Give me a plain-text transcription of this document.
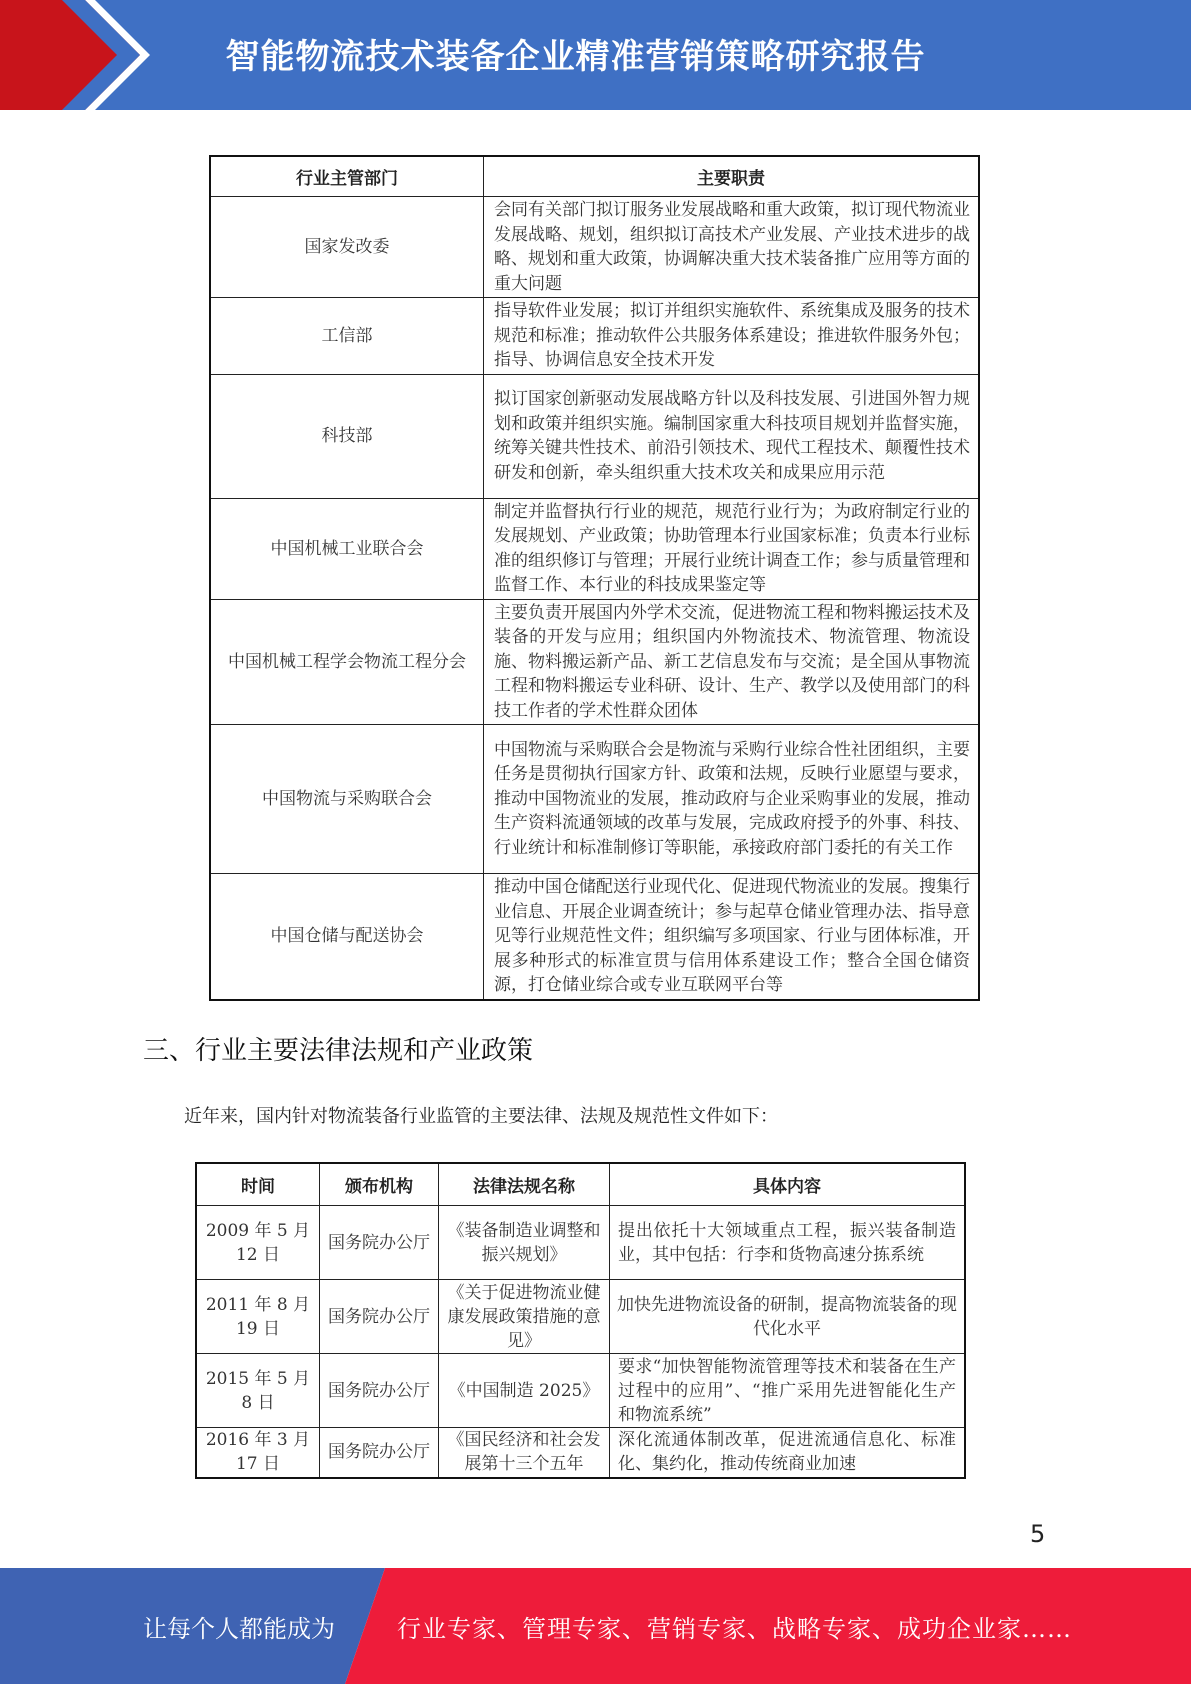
智能物流技术装备企业精准营销策略研究报告
行业主管部门	主要职责
国家发改委	会同有关部门拟订服务业发展战略和重大政策，拟订现代物流业发展战略、规划，组织拟订高技术产业发展、产业技术进步的战略、规划和重大政策，协调解决重大技术装备推广应用等方面的重大问题
工信部	指导软件业发展；拟订并组织实施软件、系统集成及服务的技术规范和标准；推动软件公共服务体系建设；推进软件服务外包；指导、协调信息安全技术开发
科技部	拟订国家创新驱动发展战略方针以及科技发展、引进国外智力规划和政策并组织实施。编制国家重大科技项目规划并监督实施，统筹关键共性技术、前沿引领技术、现代工程技术、颠覆性技术研发和创新，牵头组织重大技术攻关和成果应用示范
中国机械工业联合会	制定并监督执行行业的规范，规范行业行为；为政府制定行业的发展规划、产业政策；协助管理本行业国家标准；负责本行业标准的组织修订与管理；开展行业统计调查工作；参与质量管理和监督工作、本行业的科技成果鉴定等
中国机械工程学会物流工程分会	主要负责开展国内外学术交流，促进物流工程和物料搬运技术及装备的开发与应用；组织国内外物流技术、物流管理、物流设施、物料搬运新产品、新工艺信息发布与交流；是全国从事物流工程和物料搬运专业科研、设计、生产、教学以及使用部门的科技工作者的学术性群众团体
中国物流与采购联合会	中国物流与采购联合会是物流与采购行业综合性社团组织，主要任务是贯彻执行国家方针、政策和法规，反映行业愿望与要求，推动中国物流业的发展，推动政府与企业采购事业的发展，推动生产资料流通领域的改革与发展，完成政府授予的外事、科技、行业统计和标准制修订等职能，承接政府部门委托的有关工作
中国仓储与配送协会	推动中国仓储配送行业现代化、促进现代物流业的发展。搜集行业信息、开展企业调查统计；参与起草仓储业管理办法、指导意见等行业规范性文件；组织编写多项国家、行业与团体标准，开展多种形式的标准宣贯与信用体系建设工作；整合全国仓储资源，打仓储业综合或专业互联网平台等
三、行业主要法律法规和产业政策
近年来，国内针对物流装备行业监管的主要法律、法规及规范性文件如下：
时间	颁布机构	法律法规名称	具体内容
2009 年 5 月 12 日	国务院办公厅	《装备制造业调整和振兴规划》	提出依托十大领域重点工程，振兴装备制造业，其中包括：行李和货物高速分拣系统
2011 年 8 月 19 日	国务院办公厅	《关于促进物流业健康发展政策措施的意见》	加快先进物流设备的研制，提高物流装备的现代化水平
2015 年 5 月 8 日	国务院办公厅	《中国制造 2025》	要求“加快智能物流管理等技术和装备在生产过程中的应用”、“推广采用先进智能化生产和物流系统”
2016 年 3 月 17 日	国务院办公厅	《国民经济和社会发展第十三个五年	深化流通体制改革，促进流通信息化、标准化、集约化，推动传统商业加速
5
让每个人都能成为	行业专家、管理专家、营销专家、战略专家、成功企业家……
